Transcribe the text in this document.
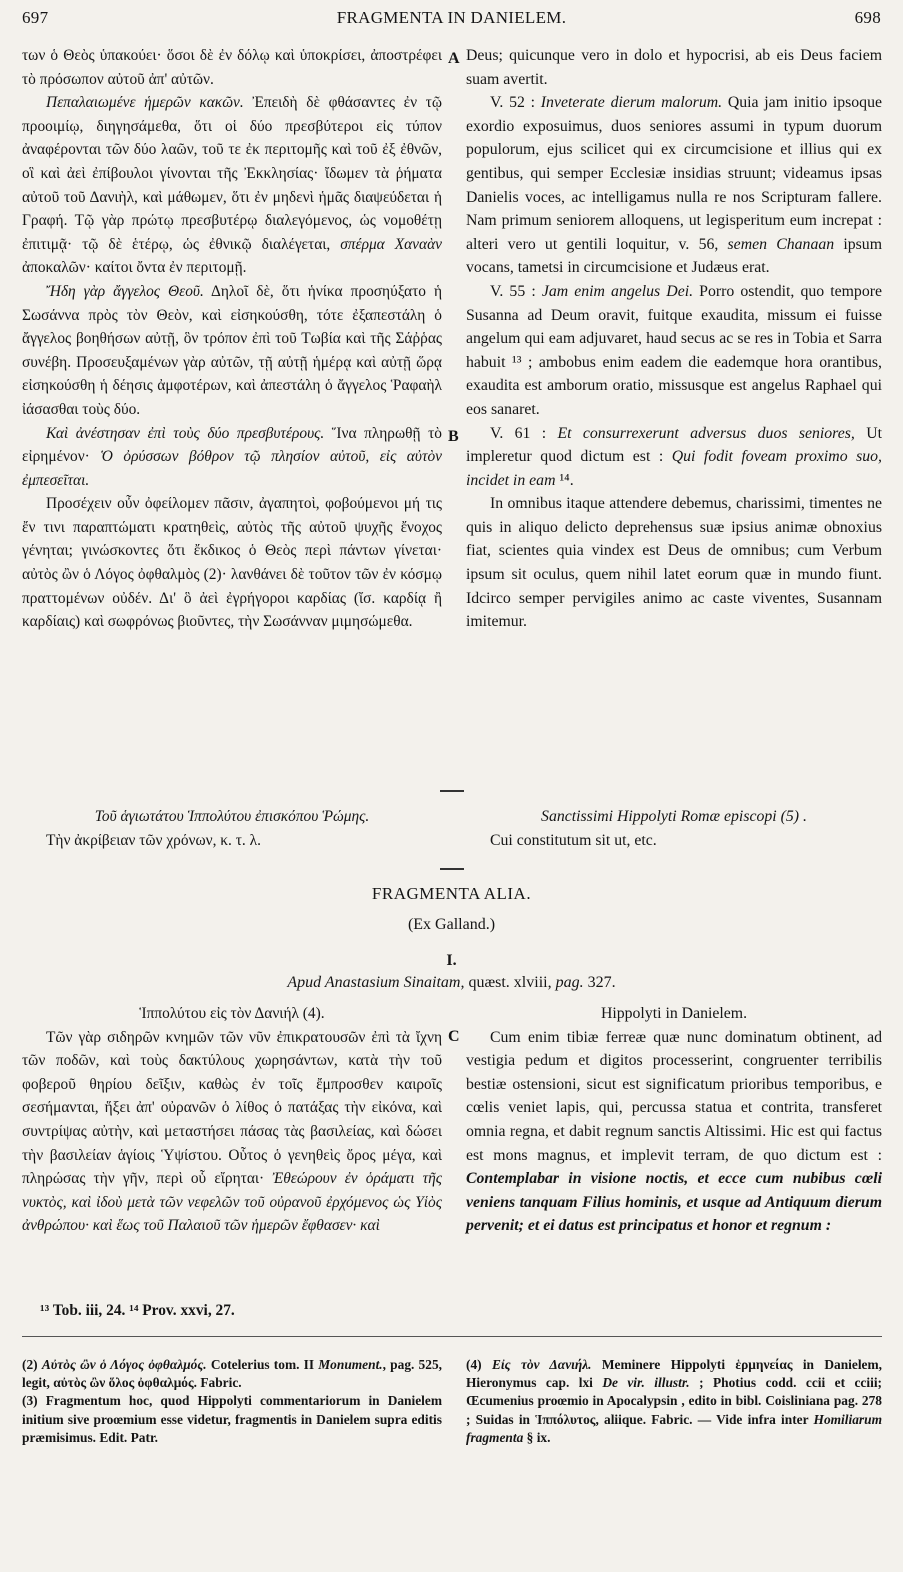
697	FRAGMENTA IN DANIELEM.	698

των ὁ Θεὸς ὑπακούει· ὅσοι δὲ ἐν δόλῳ καὶ ὑποκρίσει, ἀποστρέφει τὸ πρόσωπον αὐτοῦ ἀπ' αὐτῶν.

Πεπαλαιωμένε ἡμερῶν κακῶν. Ἐπειδὴ δὲ φθάσαντες ἐν τῷ προοιμίῳ, διηγησάμεθα, ὅτι οἱ δύο πρεσβύτεροι εἰς τύπον ἀναφέρονται τῶν δύο λαῶν, τοῦ τε ἐκ περιτομῆς καὶ τοῦ ἐξ ἐθνῶν, οἳ καὶ ἀεὶ ἐπίβουλοι γίνονται τῆς Ἐκκλησίας· ἴδωμεν τὰ ῥήματα αὐτοῦ τοῦ Δανιὴλ, καὶ μάθωμεν, ὅτι ἐν μηδενὶ ἡμᾶς διαψεύδεται ἡ Γραφή. Τῷ γὰρ πρώτῳ πρεσβυτέρῳ διαλεγόμενος, ὡς νομοθέτῃ ἐπιτιμᾷ· τῷ δὲ ἑτέρῳ, ὡς ἐθνικῷ διαλέγεται, σπέρμα Χαναὰν ἀποκαλῶν· καίτοι ὄντα ἐν περιτομῇ.

Ἤδη γὰρ ἄγγελος Θεοῦ. Δηλοῖ δὲ, ὅτι ἡνίκα προσηύξατο ἡ Σωσάννα πρὸς τὸν Θεὸν, καὶ εἰσηκούσθη, τότε ἐξαπεστάλη ὁ ἄγγελος βοηθήσων αὐτῇ, ὃν τρόπον ἐπὶ τοῦ Τωβία καὶ τῆς Σάῤῥας συνέβη. Προσευξαμένων γὰρ αὐτῶν, τῇ αὐτῇ ἡμέρᾳ καὶ αὐτῇ ὥρᾳ εἰσηκούσθη ἡ δέησις ἀμφοτέρων, καὶ ἀπεστάλη ὁ ἄγγελος Ῥαφαὴλ ἰάσασθαι τοὺς δύο.

Καὶ ἀνέστησαν ἐπὶ τοὺς δύο πρεσβυτέρους. Ἵνα πληρωθῇ τὸ εἰρημένον· Ὁ ὀρύσσων βόθρον τῷ πλησίον αὐτοῦ, εἰς αὐτὸν ἐμπεσεῖται.

Προσέχειν οὖν ὀφείλομεν πᾶσιν, ἀγαπητοὶ, φοβούμενοι μή τις ἔν τινι παραπτώματι κρατηθεὶς, αὐτὸς τῆς αὐτοῦ ψυχῆς ἔνοχος γένηται; γινώσκοντες ὅτι ἔκδικος ὁ Θεὸς περὶ πάντων γίνεται· αὐτὸς ὢν ὁ Λόγος ὀφθαλμὸς (2)· λανθάνει δὲ τοῦτον τῶν ἐν κόσμῳ πραττομένων οὐδέν. Δι' ὃ ἀεὶ ἐγρήγοροι καρδίας (ἴσ. καρδίᾳ ἢ καρδίαις) καὶ σωφρόνως βιοῦντες, τὴν Σωσάνναν μιμησώμεθα.

A
B

Deus; quicunque vero in dolo et hypocrisi, ab eis Deus faciem suam avertit.

V. 52 : Inveterate dierum malorum. Quia jam initio ipsoque exordio exposuimus, duos seniores assumi in typum duorum populorum, ejus scilicet qui ex circumcisione et illius qui ex gentibus, qui semper Ecclesiæ insidias struunt; videamus ipsas Danielis voces, ac intelligamus nulla re nos Scripturam fallere. Nam primum seniorem alloquens, ut legisperitum eum increpat : alteri vero ut gentili loquitur, v. 56, semen Chanaan ipsum vocans, tametsi in circumcisione et Judæus erat.

V. 55 : Jam enim angelus Dei. Porro ostendit, quo tempore Susanna ad Deum oravit, fuitque exaudita, missum ei fuisse angelum qui eam adjuvaret, haud secus ac se res in Tobia et Sarra habuit ¹³ ; ambobus enim eadem die eademque hora orantibus, exaudita est amborum oratio, missusque est angelus Raphael qui eos sanaret.

V. 61 : Et consurrexerunt adversus duos seniores, Ut impleretur quod dictum est : Qui fodit foveam proximo suo, incidet in eam ¹⁴.

In omnibus itaque attendere debemus, charissimi, timentes ne quis in aliquo delicto deprehensus suæ ipsius animæ obnoxius fiat, scientes quia vindex est Deus de omnibus; cum Verbum ipsum sit oculus, quem nihil latet eorum quæ in mundo fiunt. Idcirco semper pervigiles animo ac caste viventes, Susannam imitemur.

Τοῦ ἁγιωτάτου Ἱππολύτου ἐπισκόπου Ῥώμης.

Τὴν ἀκρίβειαν τῶν χρόνων, κ. τ. λ.

Sanctissimi Hippolyti Romæ episcopi (5) .

Cui constitutum sit ut, etc.

FRAGMENTA ALIA.
(Ex Galland.)
I.
Apud Anastasium Sinaitam, quæst. xlviii, pag. 327.

Ἱππολύτου εἰς τὸν Δανιήλ (4).

Τῶν γὰρ σιδηρῶν κνημῶν τῶν νῦν ἐπικρατουσῶν ἐπὶ τὰ ἴχνη τῶν ποδῶν, καὶ τοὺς δακτύλους χωρησάντων, κατὰ τὴν τοῦ φοβεροῦ θηρίου δεῖξιν, καθὼς ἐν τοῖς ἔμπροσθεν καιροῖς σεσήμανται, ἥξει ἀπ' οὐρανῶν ὁ λίθος ὁ πατάξας τὴν εἰκόνα, καὶ συντρίψας αὐτὴν, καὶ μεταστήσει πάσας τὰς βασιλείας, καὶ δώσει τὴν βασιλείαν ἁγίοις Ὑψίστου. Οὗτος ὁ γενηθεὶς ὄρος μέγα, καὶ πληρώσας τὴν γῆν, περὶ οὗ εἴρηται· Ἐθεώρουν ἐν ὁράματι τῆς νυκτὸς, καὶ ἰδοὺ μετὰ τῶν νεφελῶν τοῦ οὐρανοῦ ἐρχόμενος ὡς Υἱὸς ἀνθρώπου· καὶ ἕως τοῦ Παλαιοῦ τῶν ἡμερῶν ἔφθασεν· καὶ

C

Hippolyti in Danielem.

Cum enim tibiæ ferreæ quæ nunc dominatum obtinent, ad vestigia pedum et digitos processerint, congruenter terribilis bestiæ ostensioni, sicut est significatum prioribus temporibus, e cœlis veniet lapis, qui, percussa statua et contrita, transferet omnia regna, et dabit regnum sanctis Altissimi. Hic est qui factus est mons magnus, et implevit terram, de quo dictum est : Contemplabar in visione noctis, et ecce cum nubibus cœli veniens tanquam Filius hominis, et usque ad Antiquum dierum pervenit; et ei datus est principatus et honor et regnum :

¹³ Tob. iii, 24. ¹⁴ Prov. xxvi, 27.

(2) Αὐτὸς ὢν ὁ Λόγος ὀφθαλμός. Cotelerius tom. II Monument., pag. 525, legit, αὐτὸς ὢν ὅλος ὀφθαλμός. Fabric.

(3) Fragmentum hoc, quod Hippolyti commentariorum in Danielem initium sive proœmium esse videtur, fragmentis in Danielem supra editis præmisimus. Edit. Patr.

(4) Εἰς τὸν Δανιήλ. Meminere Hippolyti ἑρμηνείας in Danielem, Hieronymus cap. lxi De vir. illustr. ; Photius codd. ccii et cciii; Œcumenius proœmio in Apocalypsin , edito in bibl. Coisliniana pag. 278 ; Suidas in Ἱππόλυτος, aliique. Fabric. — Vide infra inter Homiliarum fragmenta § ix.
